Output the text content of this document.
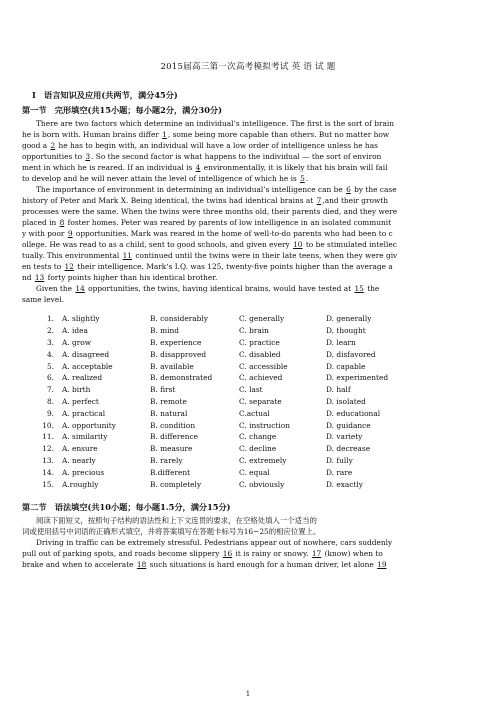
2015届高三第一次高考模拟考试 英 语 试 题
Ⅰ　语言知识及应用(共两节，满分45分)
第一节　完形填空(共15小题；每小题2分，满分30分)
There are two factors which determine an individual’s intelligence. The first is the sort of brain
he is born with. Human brains differ 1, some being more capable than others. But no matter how
good a 2 he has to begin with, an individual will have a low order of intelligence unless he has
opportunities to 3. So the second factor is what happens to the individual — the sort of environ
ment in which he is reared. If an individual is 4 environmentally, it is likely that his brain will fail
to develop and he will never attain the level of intelligence of which he is 5.
The importance of environment in determining an individual’s intelligence can be 6 by the case
history of Peter and Mark X. Being identical, the twins had identical brains at 7,and their growth
processes were the same. When the twins were three months old, their parents died, and they were
placed in 8 foster homes. Peter was reared by parents of low intelligence in an isolated communit
y with poor 9 opportunities. Mark was reared in the home of well-to-do parents who had been to c
ollege. He was read to as a child, sent to good schools, and given every 10 to be stimulated intellec
tually. This environmental 11 continued until the twins were in their late teens, when they were giv
en tests to 12 their intelligence. Mark‘s I.Q. was 125, twenty-five points higher than the average a
nd 13 forty points higher than his identical brother.
Given the 14 opportunities, the twins, having identical brains, would have tested at 15 the
same level.
1.	A. slightly	B. considerably	C. generally	D. generally
2.	A. idea	B. mind	C. brain	D. thought
3.	A. grow	B. experience	C. practice	D. learn
4.	A. disagreed	B. disapproved	C. disabled	D. disfavored
5.	A. acceptable	B. available	C. accessible	D. capable
6.	A. realized	B. demonstrated	C. achieved	D. experimented
7.	A. birth	B. first	C. last	D. half
8.	A. perfect	B. remote	C. separate	D. isolated
9.	A. practical	B. natural	C.actual	D. educational
10.	A. opportunity	B. condition	C. instruction	D. guidance
11.	A. similarity	B. difference	C. change	D. variety
12.	A. ensure	B. measure	C. decline	D. decrease
13.	A. nearly	B. rarely	C. extremely	D. fully
14.	A. precious	B.different	C. equal	D. rare
15.	A.roughly	B. completely	C. obviously	D. exactly
第二节　语法填空(共10小题；每小题1.5分，满分15分)
阅读下面短文，按照句子结构的语法性和上下文连贯的要求，在空格处填入一个适当的
词或使用括号中词语的正确形式填空，并将答案填写在答题卡标号为16~25的相应位置上。
Driving in traffic can be extremely stressful. Pedestrians appear out of nowhere, cars suddenly
pull out of parking spots, and roads become slippery 16 it is rainy or snowy. 17 (know) when to
brake and when to accelerate 18 such situations is hard enough for a human driver, let alone 19
1
